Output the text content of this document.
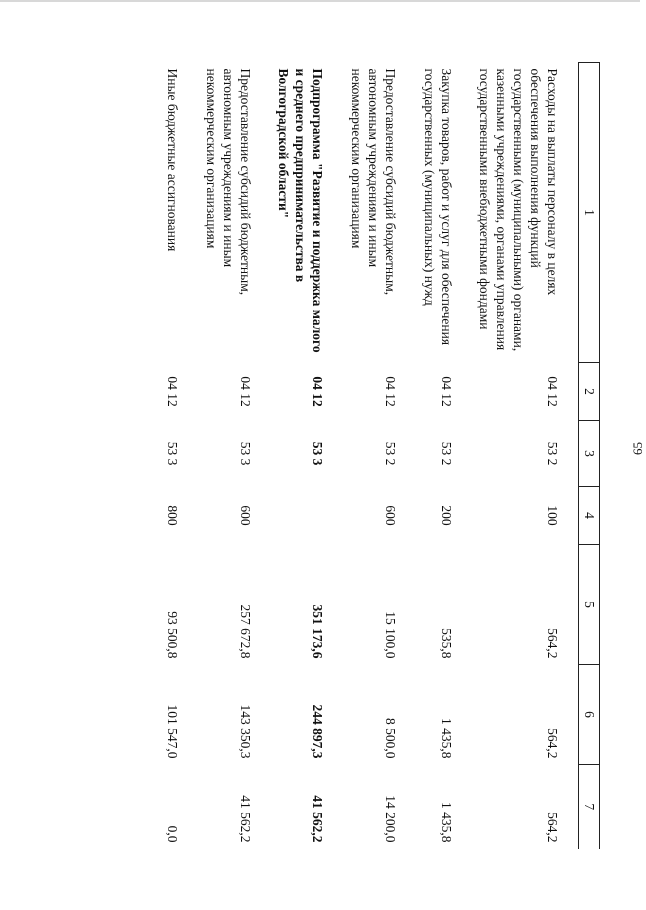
65
1	2	3	4	5	6	7
Расходы на выплаты персоналу в целях обеспечения выполнения функций государственными (муниципальными) органами, казенными учреждениями, органами управления государственными внебюджетными фондами	04 12	53 2	100	564,2	564,2	564,2
Закупка товаров, работ и услуг для обеспечения государственных (муниципальных) нужд	04 12	53 2	200	535,8	1 435,8	1 435,8
Предоставление субсидий бюджетным, автономным учреждениям и иным некоммерческим организациям	04 12	53 2	600	15 100,0	8 500,0	14 200,0
Подпрограмма "Развитие и поддержка малого и среднего предпринимательства в Волгоградской области"	04 12	53 3		351 173,6	244 897,3	41 562,2
Предоставление субсидий бюджетным, автономным учреждениям и иным некоммерческим организациям	04 12	53 3	600	257 672,8	143 350,3	41 562,2
Иные бюджетные ассигнования	04 12	53 3	800	93 500,8	101 547,0	0,0
